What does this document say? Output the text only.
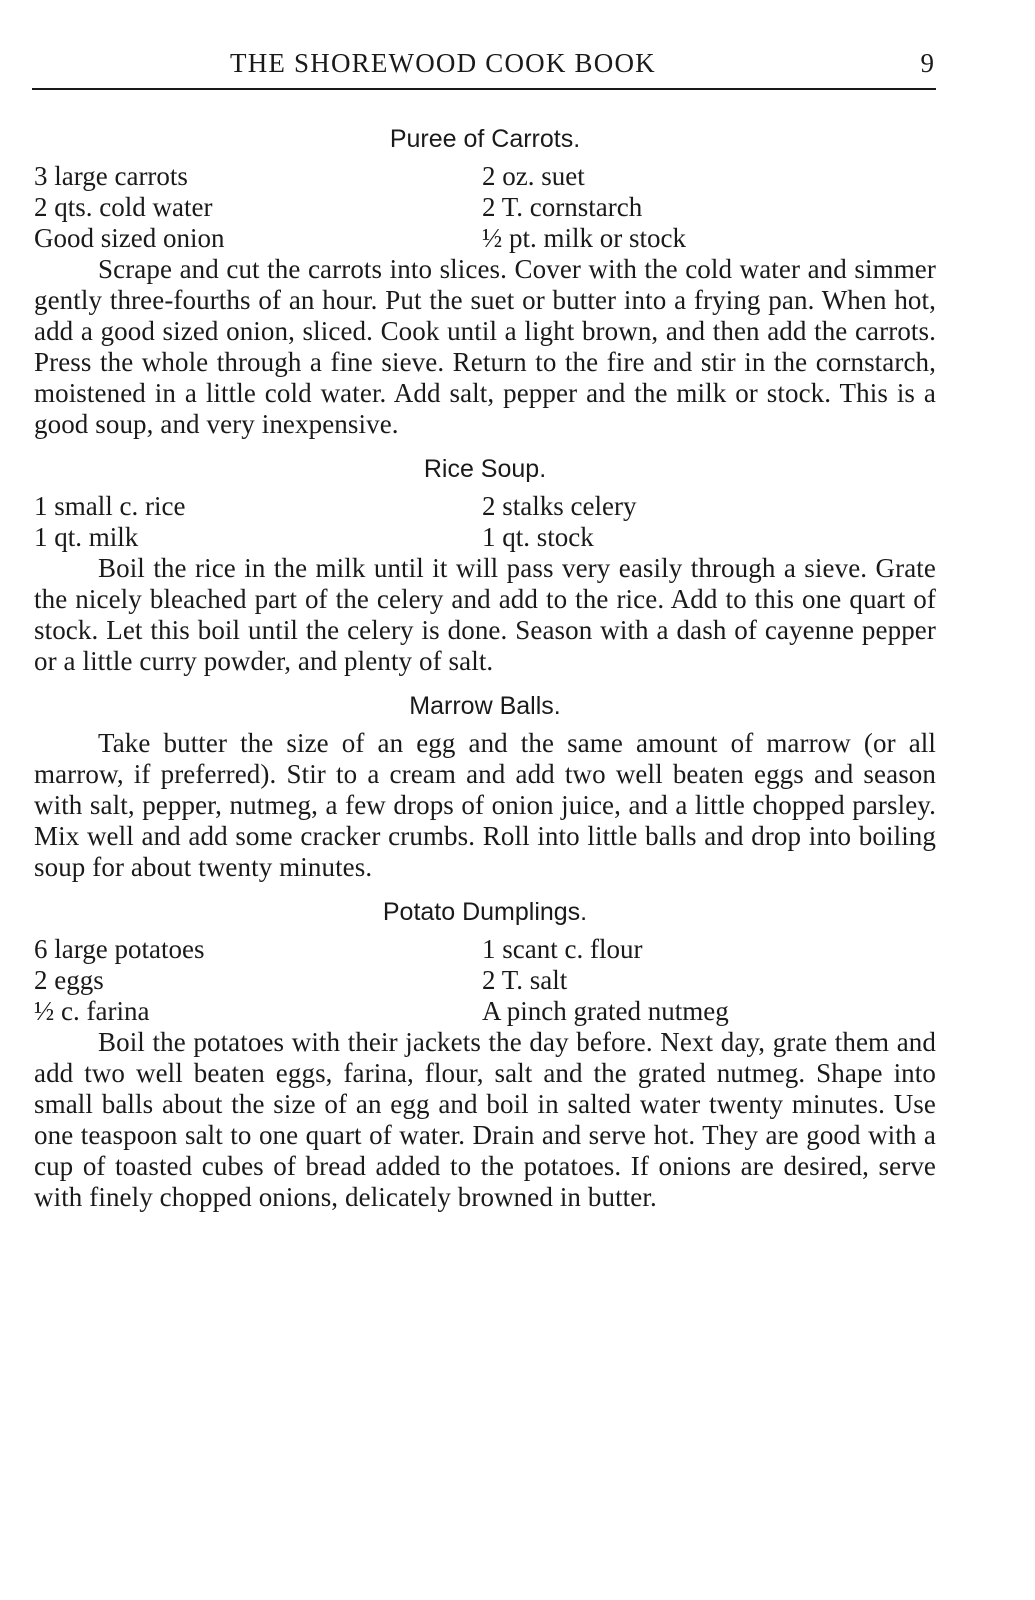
THE SHOREWOOD COOK BOOK	9
Puree of Carrots.
3 large carrots	2 oz. suet
2 qts. cold water	2 T. cornstarch
Good sized onion	½ pt. milk or stock

Scrape and cut the carrots into slices. Cover with the cold water and simmer gently three-fourths of an hour. Put the suet or butter into a frying pan. When hot, add a good sized onion, sliced. Cook until a light brown, and then add the carrots. Press the whole through a fine sieve. Return to the fire and stir in the cornstarch, moistened in a little cold water. Add salt, pepper and the milk or stock. This is a good soup, and very inexpensive.

Rice Soup.
1 small c. rice	2 stalks celery
1 qt. milk	1 qt. stock

Boil the rice in the milk until it will pass very easily through a sieve. Grate the nicely bleached part of the celery and add to the rice. Add to this one quart of stock. Let this boil until the celery is done. Season with a dash of cayenne pepper or a little curry powder, and plenty of salt.

Marrow Balls.

Take butter the size of an egg and the same amount of marrow (or all marrow, if preferred). Stir to a cream and add two well beaten eggs and season with salt, pepper, nutmeg, a few drops of onion juice, and a little chopped parsley. Mix well and add some cracker crumbs. Roll into little balls and drop into boiling soup for about twenty minutes.

Potato Dumplings.
6 large potatoes	1 scant c. flour
2 eggs	2 T. salt
½ c. farina	A pinch grated nutmeg

Boil the potatoes with their jackets the day before. Next day, grate them and add two well beaten eggs, farina, flour, salt and the grated nutmeg. Shape into small balls about the size of an egg and boil in salted water twenty minutes. Use one teaspoon salt to one quart of water. Drain and serve hot. They are good with a cup of toasted cubes of bread added to the potatoes. If onions are desired, serve with finely chopped onions, delicately browned in butter.
